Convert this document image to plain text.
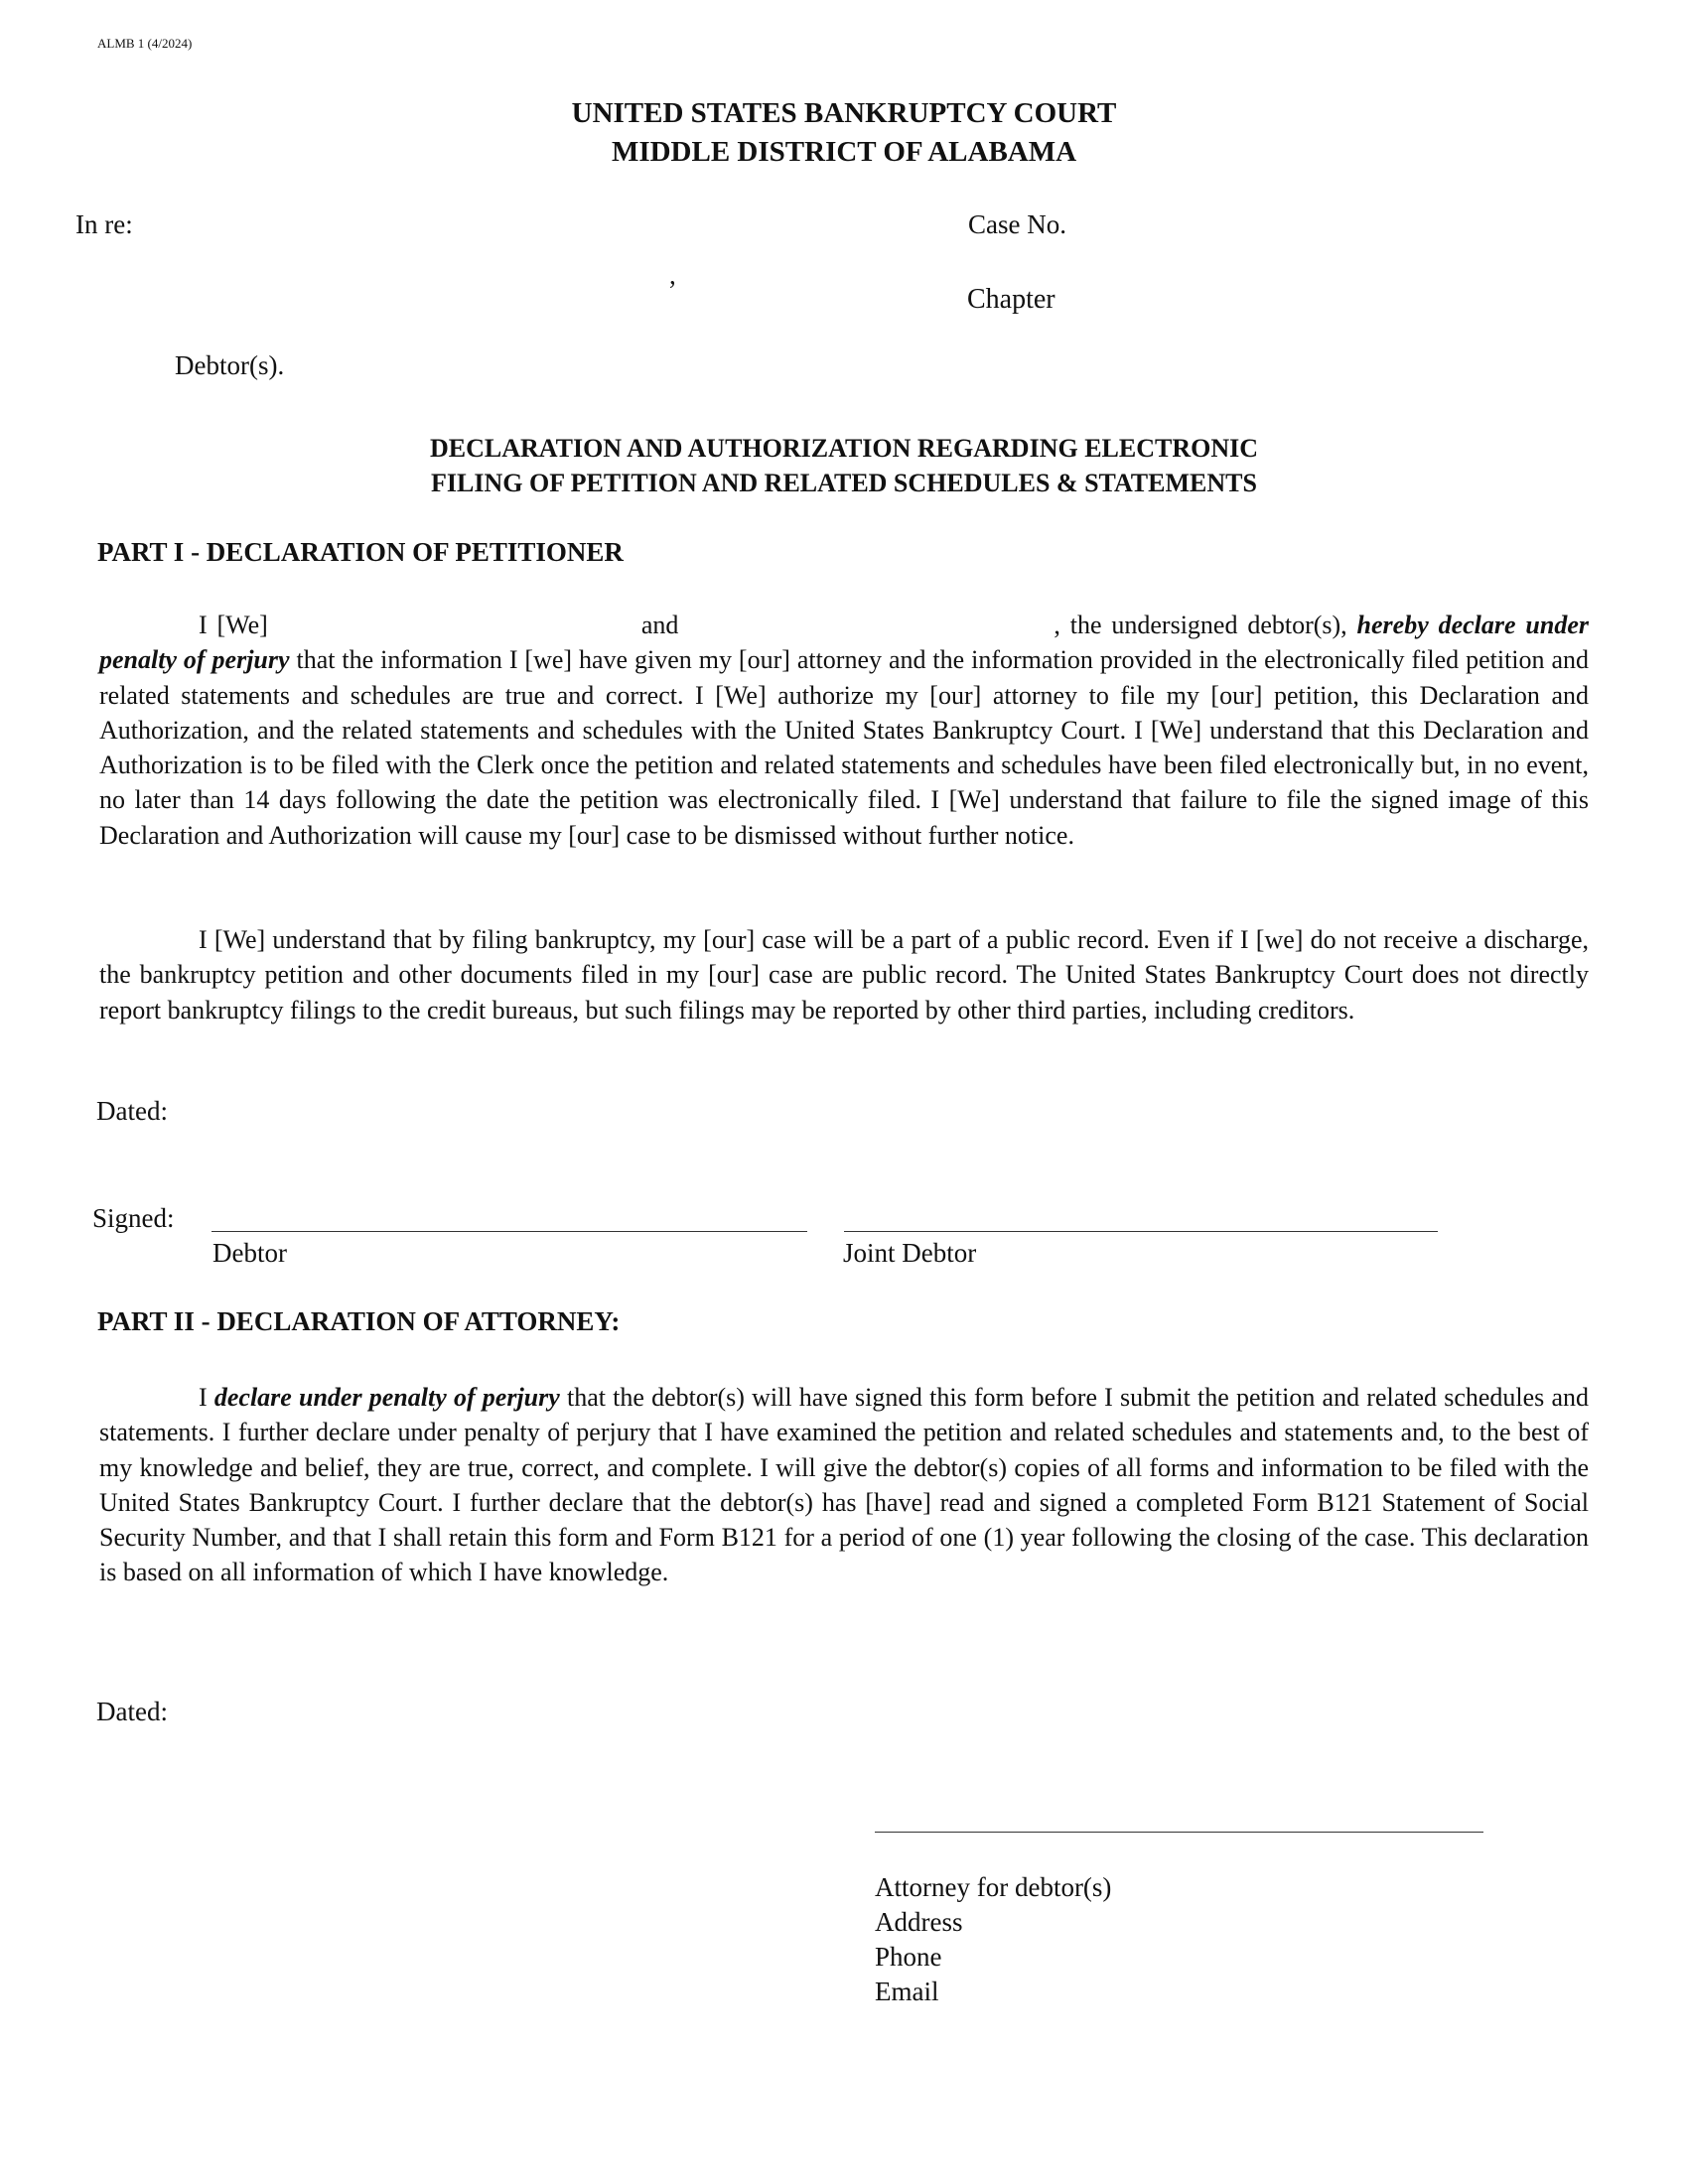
ALMB 1 (4/2024)
UNITED STATES BANKRUPTCY COURT
MIDDLE DISTRICT OF ALABAMA
In re:	Case No.
,
Chapter
Debtor(s).
DECLARATION AND AUTHORIZATION REGARDING ELECTRONIC
FILING OF PETITION AND RELATED SCHEDULES & STATEMENTS
PART I - DECLARATION OF PETITIONER

I [We]	and	, the undersigned debtor(s), hereby declare under penalty of perjury that the information I [we] have given my [our] attorney and the information provided in the electronically filed petition and related statements and schedules are true and correct. I [We] authorize my [our] attorney to file my [our] petition, this Declaration and Authorization, and the related statements and schedules with the United States Bankruptcy Court. I [We] understand that this Declaration and Authorization is to be filed with the Clerk once the petition and related statements and schedules have been filed electronically but, in no event, no later than 14 days following the date the petition was electronically filed. I [We] understand that failure to file the signed image of this Declaration and Authorization will cause my [our] case to be dismissed without further notice.

I [We] understand that by filing bankruptcy, my [our] case will be a part of a public record. Even if I [we] do not receive a discharge, the bankruptcy petition and other documents filed in my [our] case are public record. The United States Bankruptcy Court does not directly report bankruptcy filings to the credit bureaus, but such filings may be reported by other third parties, including creditors.

Dated:
Signed:
Debtor	Joint Debtor
PART II - DECLARATION OF ATTORNEY:

I declare under penalty of perjury that the debtor(s) will have signed this form before I submit the petition and related schedules and statements. I further declare under penalty of perjury that I have examined the petition and related schedules and statements and, to the best of my knowledge and belief, they are true, correct, and complete. I will give the debtor(s) copies of all forms and information to be filed with the United States Bankruptcy Court. I further declare that the debtor(s) has [have] read and signed a completed Form B121 Statement of Social Security Number, and that I shall retain this form and Form B121 for a period of one (1) year following the closing of the case. This declaration is based on all information of which I have knowledge.

Dated:
Attorney for debtor(s)
Address
Phone
Email
